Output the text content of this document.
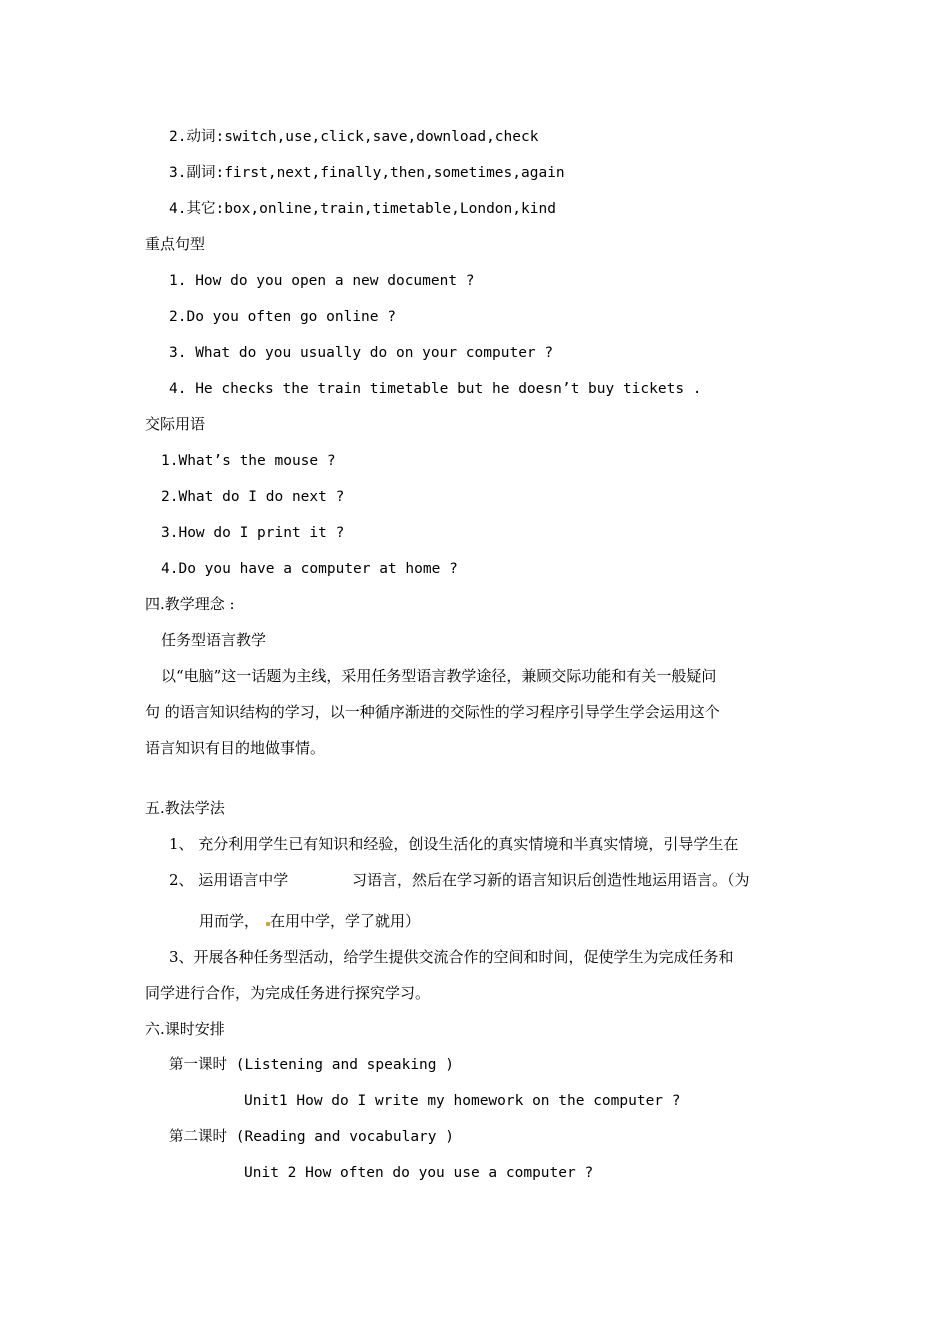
2.动词:switch,use,click,save,download,check
3.副词:first,next,finally,then,sometimes,again
4.其它:box,online,train,timetable,London,kind
重点句型
1. How do you open a new document ?
2.Do you often go online ?
3. What do you usually do on your computer ?
4. He checks the train timetable but he doesn’t buy tickets .
交际用语
1.What’s the mouse ?
2.What do I do next ?
3.How do I print it ?
4.Do you have a computer at home ?
四.教学理念 :
任务型语言教学
以“电脑”这一话题为主线，采用任务型语言教学途径，兼顾交际功能和有关一般疑问
句 的语言知识结构的学习，以一种循序渐进的交际性的学习程序引导学生学会运用这个
语言知识有目的地做事情。
五.教法学法
1、 充分利用学生已有知识和经验，创设生活化的真实情境和半真实情境，引导学生在
2、 运用语言中学	习语言，然后在学习新的语言知识后创造性地运用语言。（为
用而学， 在用中学，学了就用）
3、开展各种任务型活动，给学生提供交流合作的空间和时间，促使学生为完成任务和
同学进行合作，为完成任务进行探究学习。
六.课时安排
第一课时 (Listening and speaking )
Unit1 How do I write my homework on the computer ?
第二课时 (Reading and vocabulary )
Unit 2 How often do you use a computer ?
